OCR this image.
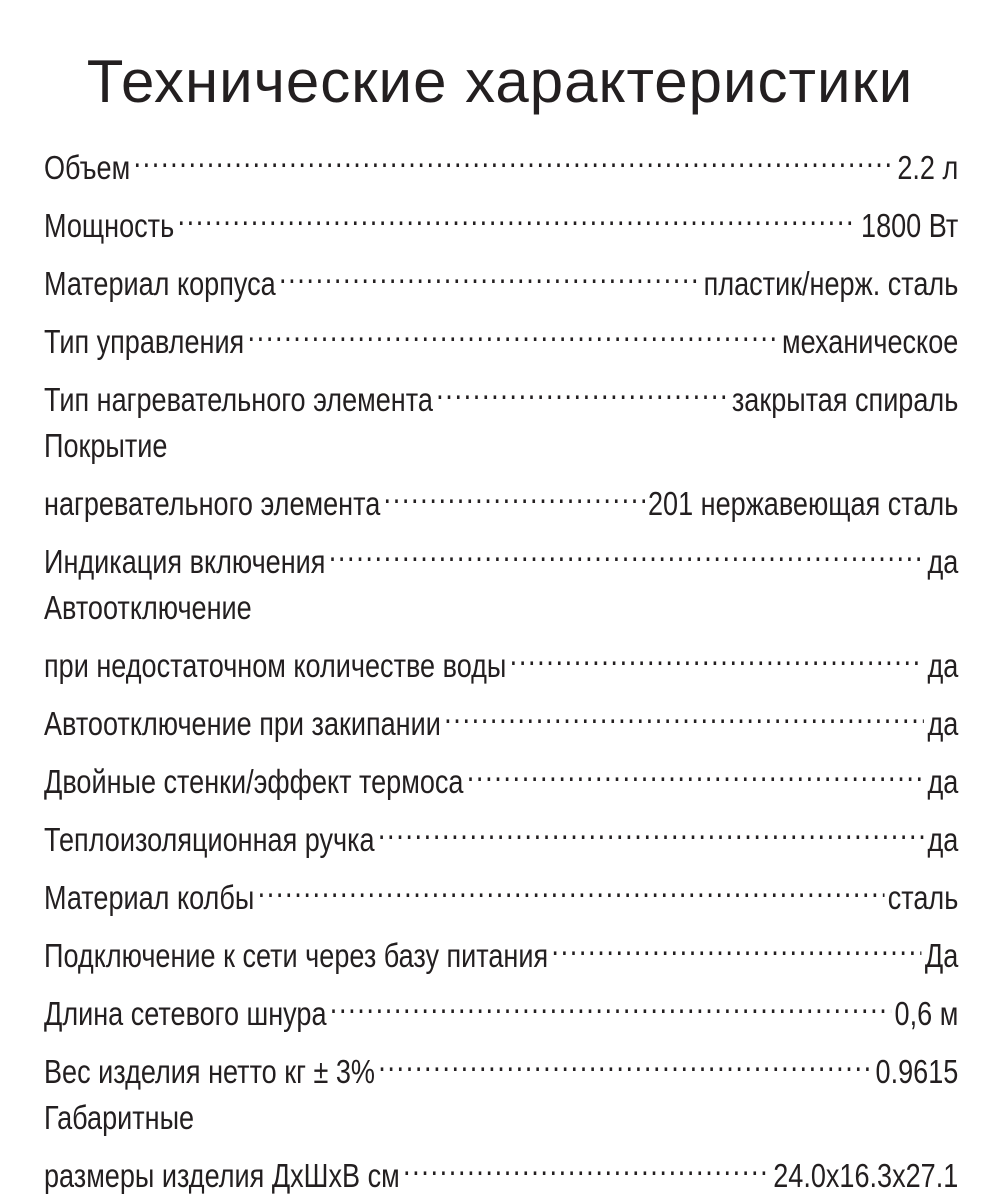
Технические характеристики
Объем .....	2.2 л
Мощность .....	1800 Вт
Материал корпуса .....	пластик/нерж. сталь
Тип управления .....	механическое
Тип нагревательного элемента .....	закрытая спираль
Покрытие
нагревательного элемента .....	201 нержавеющая сталь
Индикация включения .....	да
Автоотключение
при недостаточном количестве воды .....	да
Автоотключение при закипании .....	да
Двойные стенки/эффект термоса .....	да
Теплоизоляционная ручка .....	да
Материал колбы .....	сталь
Подключение к сети через базу питания .....	Да
Длина сетевого шнура .....	0,6 м
Вес изделия нетто кг ± 3% .....	0.9615
Габаритные
размеры изделия ДхШхВ см .....	24.0x16.3x27.1
